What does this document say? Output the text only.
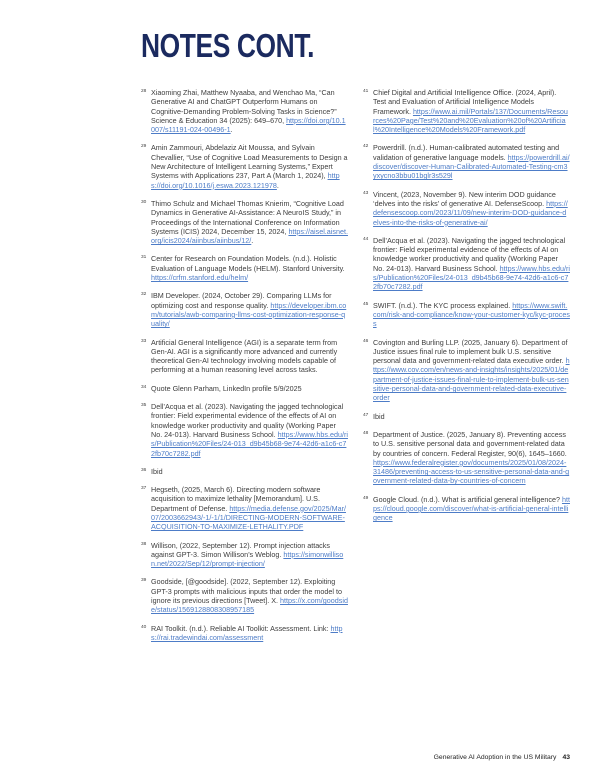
NOTES CONT.
28 Xiaoming Zhai, Matthew Nyaaba, and Wenchao Ma, “Can Generative AI and ChatGPT Outperform Humans on Cognitive-Demanding Problem-Solving Tasks in Science?” Science & Education 34 (2025): 649–670, https://doi.org/10.1007/s11191-024-00496-1.
29 Amin Zammouri, Abdelaziz Ait Moussa, and Sylvain Chevallier, “Use of Cognitive Load Measurements to Design a New Architecture of Intelligent Learning Systems,” Expert Systems with Applications 237, Part A (March 1, 2024), https://doi.org/10.1016/j.eswa.2023.121978.
30 Thimo Schulz and Michael Thomas Knierim, “Cognitive Load Dynamics in Generative AI-Assistance: A NeuroIS Study,” in Proceedings of the International Conference on Information Systems (ICIS) 2024, December 15, 2024, https://aisel.aisnet.org/icis2024/aiinbus/aiinbus/12/.
31 Center for Research on Foundation Models. (n.d.). Holistic Evaluation of Language Models (HELM). Stanford University. https://crfm.stanford.edu/helm/
32 IBM Developer. (2024, October 29). Comparing LLMs for optimizing cost and response quality. https://developer.ibm.com/tutorials/awb-comparing-llms-cost-optimization-response-quality/
33 Artificial General Intelligence (AGI) is a separate term from Gen-AI. AGI is a significantly more advanced and currently theoretical Gen-AI technology involving models capable of performing at a human reasoning level across tasks.
34 Quote Glenn Parham, LinkedIn profile 5/9/2025
35 Dell’Acqua et al. (2023). Navigating the jagged technological frontier: Field experimental evidence of the effects of AI on knowledge worker productivity and quality (Working Paper No. 24-013). Harvard Business School. https://www.hbs.edu/ris/Publication%20Files/24-013_d9b45b68-9e74-42d6-a1c6-c72fb70c7282.pdf
36 Ibid
37 Hegseth, (2025, March 6). Directing modern software acquisition to maximize lethality [Memorandum]. U.S. Department of Defense. https://media.defense.gov/2025/Mar/07/2003662943/-1/-1/1/DIRECTING-MODERN-SOFTWARE-ACQUISITION-TO-MAXIMIZE-LETHALITY.PDF
38 Willison, (2022, September 12). Prompt injection attacks against GPT-3. Simon Willison’s Weblog. https://simonwillison.net/2022/Sep/12/prompt-injection/
39 Goodside, [@goodside]. (2022, September 12). Exploiting GPT-3 prompts with malicious inputs that order the model to ignore its previous directions [Tweet]. X. https://x.com/goodside/status/1569128808308957185
40 RAI Toolkit. (n.d.). Reliable AI Toolkit: Assessment. Link: https://rai.tradewindai.com/assessment
41 Chief Digital and Artificial Intelligence Office. (2024, April). Test and Evaluation of Artificial Intelligence Models Framework. https://www.ai.mil/Portals/137/Documents/Resources%20Page/Test%20and%20Evaluation%20of%20Artificial%20Intelligence%20Models%20Framework.pdf
42 Powerdrill. (n.d.). Human-calibrated automated testing and validation of generative language models. https://powerdrill.ai/discover/discover-Human-Calibrated-Automated-Testing-cm3yxycno3bbu01bglr3s529l
43 Vincent, (2023, November 9). New interim DOD guidance ‘delves into the risks’ of generative AI. DefenseScoop. https://defensescoop.com/2023/11/09/new-interim-DOD-guidance-delves-into-the-risks-of-generative-ai/
44 Dell’Acqua et al. (2023). Navigating the jagged technological frontier: Field experimental evidence of the effects of AI on knowledge worker productivity and quality (Working Paper No. 24-013). Harvard Business School. https://www.hbs.edu/ris/Publication%20Files/24-013_d9b45b68-9e74-42d6-a1c6-c72fb70c7282.pdf
45 SWIFT. (n.d.). The KYC process explained. https://www.swift.com/risk-and-compliance/know-your-customer-kyc/kyc-process
46 Covington and Burling LLP. (2025, January 6). Department of Justice issues final rule to implement bulk U.S. sensitive personal data and government-related data executive order. https://www.cov.com/en/news-and-insights/insights/2025/01/department-of-justice-issues-final-rule-to-implement-bulk-us-sensitive-personal-data-and-government-related-data-executive-order
47 Ibid
48 Department of Justice. (2025, January 8). Preventing access to U.S. sensitive personal data and government-related data by countries of concern. Federal Register, 90(6), 1645–1660. https://www.federalregister.gov/documents/2025/01/08/2024-31486/preventing-access-to-us-sensitive-personal-data-and-government-related-data-by-countries-of-concern
49 Google Cloud. (n.d.). What is artificial general intelligence? https://cloud.google.com/discover/what-is-artificial-general-intelligence
Generative AI Adoption in the US Military 43
